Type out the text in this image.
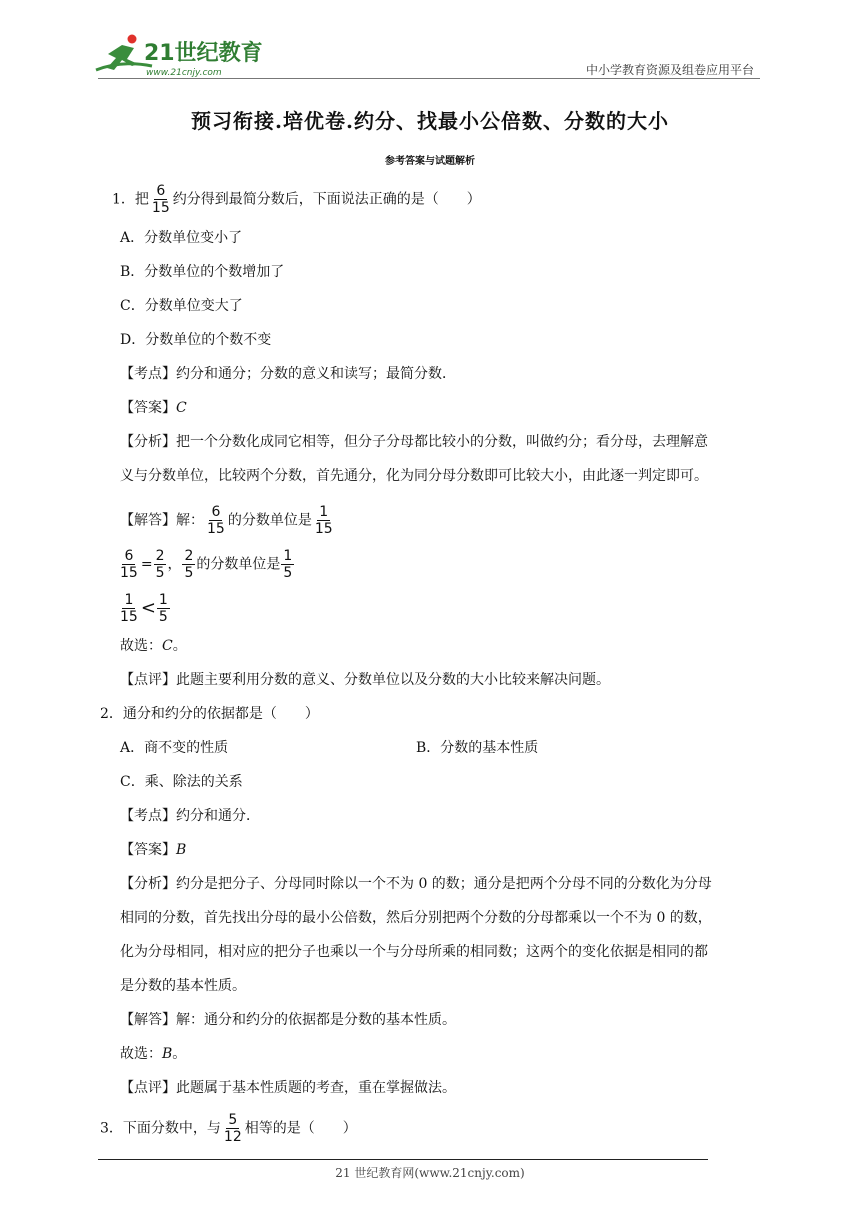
21世纪教育
www.21cnjy.com	中小学教育资源及组卷应用平台
预习衔接.培优卷.约分、找最小公倍数、分数的大小
参考答案与试题解析
1．把 $\frac{6}{15}$ 约分得到最简分数后，下面说法正确的是（　　）
A．分数单位变小了
B．分数单位的个数增加了
C．分数单位变大了
D．分数单位的个数不变
【考点】约分和通分；分数的意义和读写；最简分数．
【答案】C
【分析】把一个分数化成同它相等，但分子分母都比较小的分数，叫做约分；看分母，去理解意
义与分数单位，比较两个分数，首先通分，化为同分母分数即可比较大小，由此逐一判定即可。
【解答】解： $\frac{6}{15}$ 的分数单位是 $\frac{1}{15}$
$\frac{6}{15} = \frac{2}{5}$ ， $\frac{2}{5}$ 的分数单位是 $\frac{1}{5}$
$\frac{1}{15} < \frac{1}{5}$
故选：C。
【点评】此题主要利用分数的意义、分数单位以及分数的大小比较来解决问题。
2．通分和约分的依据都是（　　）
A．商不变的性质	B．分数的基本性质
C．乘、除法的关系
【考点】约分和通分．
【答案】B
【分析】约分是把分子、分母同时除以一个不为 0 的数；通分是把两个分母不同的分数化为分母
相同的分数，首先找出分母的最小公倍数，然后分别把两个分数的分母都乘以一个不为 0 的数，
化为分母相同，相对应的把分子也乘以一个与分母所乘的相同数；这两个的变化依据是相同的都
是分数的基本性质。
【解答】解：通分和约分的依据都是分数的基本性质。
故选：B。
【点评】此题属于基本性质题的考查，重在掌握做法。
3．下面分数中，与 $\frac{5}{12}$ 相等的是（　　）
21 世纪教育网(www.21cnjy.com)
